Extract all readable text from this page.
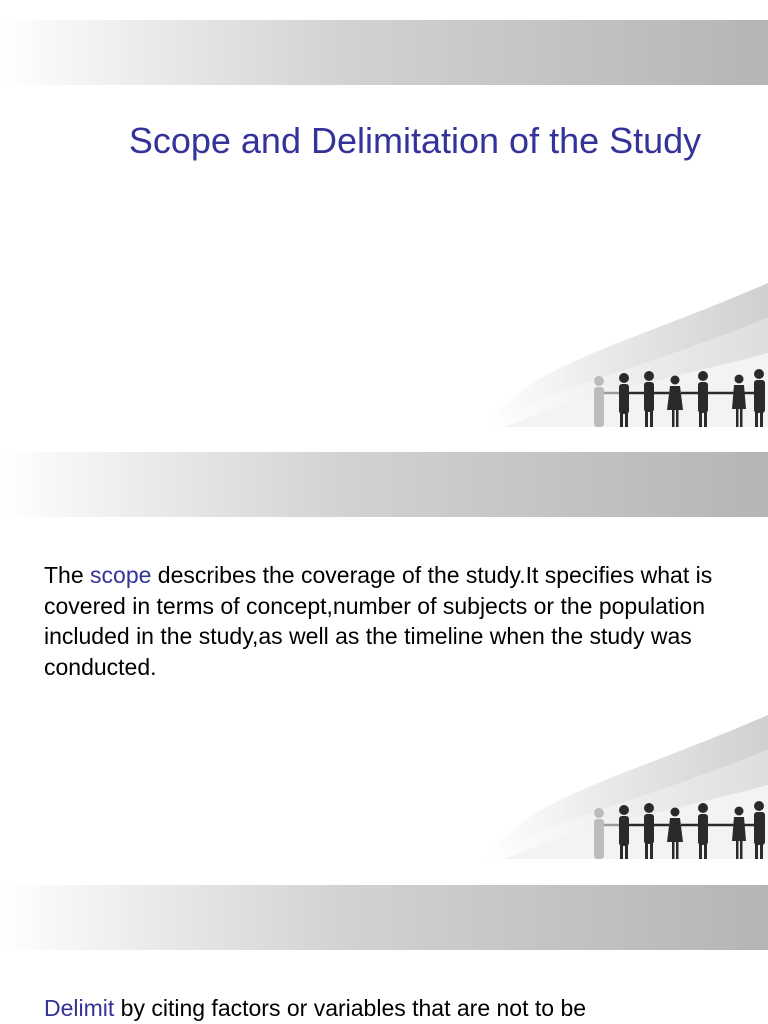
Scope and Delimitation of the Study

The scope describes the coverage of the study.It specifies what is covered in terms of concept,number of subjects or the population included in the study,as well as the timeline when the study was conducted.

Delimit by citing factors or variables that are not to be
